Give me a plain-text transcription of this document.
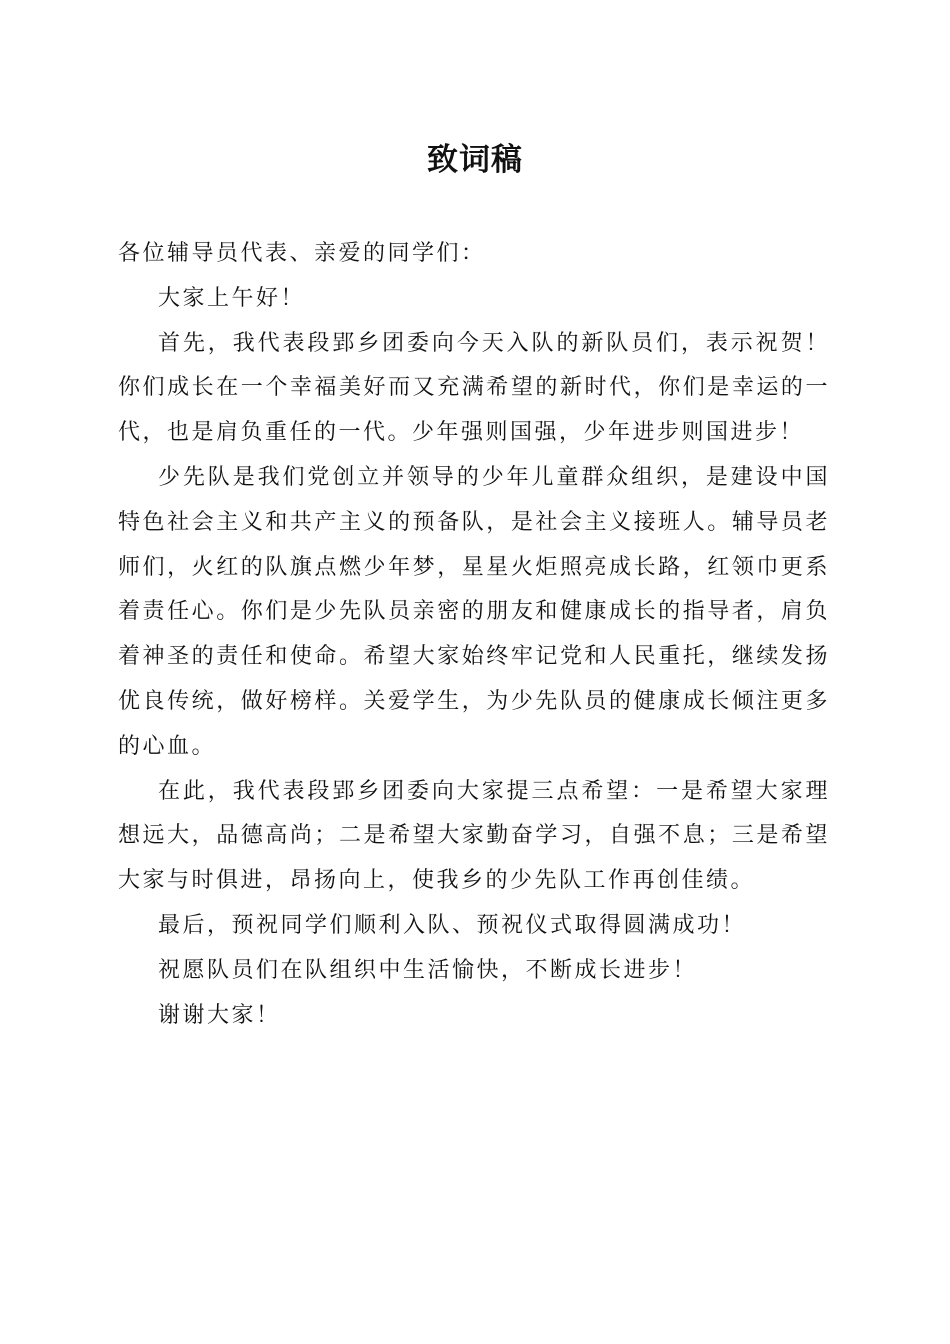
致词稿

各位辅导员代表、亲爱的同学们：

大家上午好！

首先，我代表段郢乡团委向今天入队的新队员们，表示祝贺！你们成长在一个幸福美好而又充满希望的新时代，你们是幸运的一代，也是肩负重任的一代。少年强则国强，少年进步则国进步！

少先队是我们党创立并领导的少年儿童群众组织，是建设中国特色社会主义和共产主义的预备队，是社会主义接班人。辅导员老师们，火红的队旗点燃少年梦，星星火炬照亮成长路，红领巾更系着责任心。你们是少先队员亲密的朋友和健康成长的指导者，肩负着神圣的责任和使命。希望大家始终牢记党和人民重托，继续发扬优良传统，做好榜样。关爱学生，为少先队员的健康成长倾注更多的心血。

在此，我代表段郢乡团委向大家提三点希望：一是希望大家理想远大，品德高尚；二是希望大家勤奋学习，自强不息；三是希望大家与时俱进，昂扬向上，使我乡的少先队工作再创佳绩。

最后，预祝同学们顺利入队、预祝仪式取得圆满成功！

祝愿队员们在队组织中生活愉快，不断成长进步！

谢谢大家！
